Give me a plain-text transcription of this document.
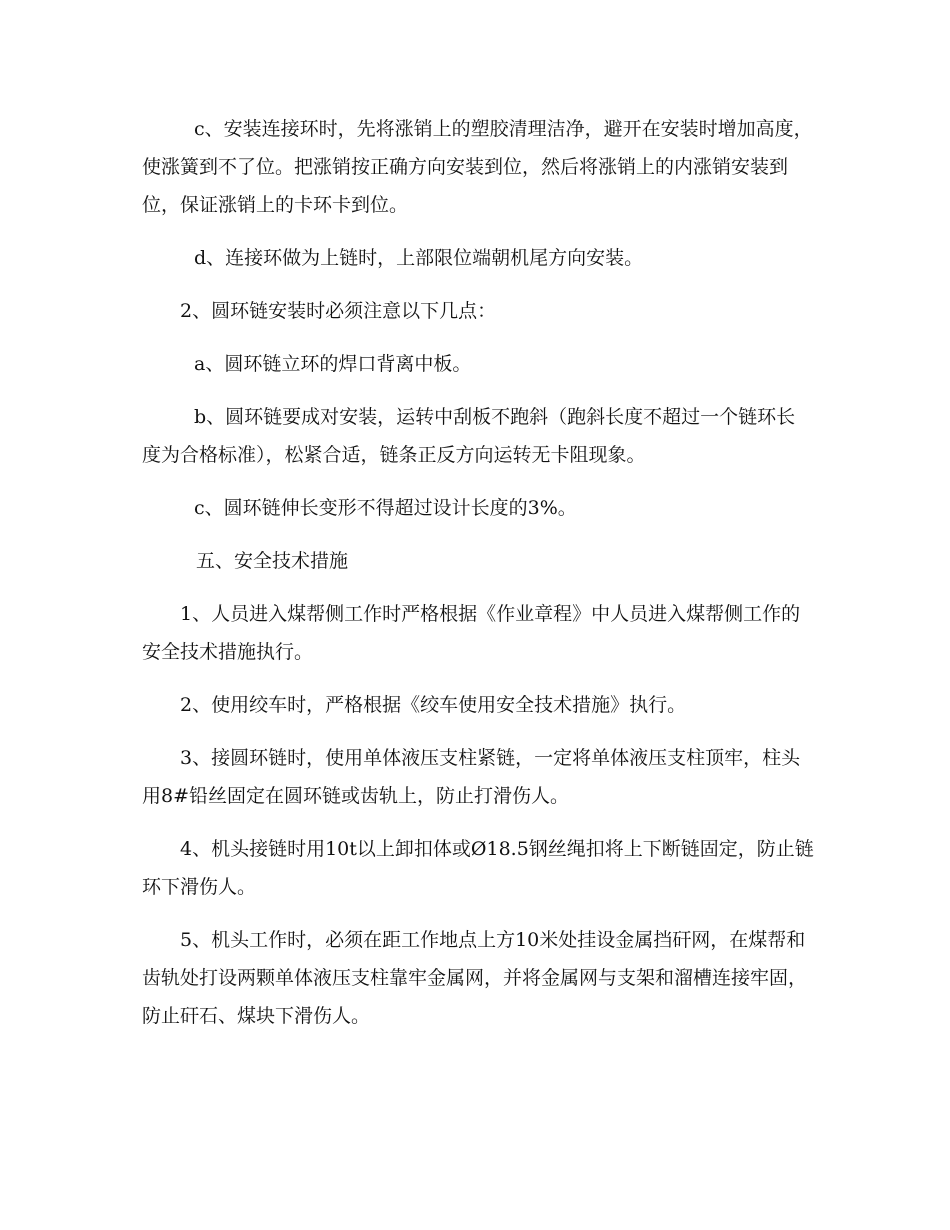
c、安装连接环时，先将涨销上的塑胶清理洁净，避开在安装时增加高度，使涨簧到不了位。把涨销按正确方向安装到位，然后将涨销上的内涨销安装到位，保证涨销上的卡环卡到位。

d、连接环做为上链时，上部限位端朝机尾方向安装。

2、圆环链安装时必须注意以下几点：

a、圆环链立环的焊口背离中板。

b、圆环链要成对安装，运转中刮板不跑斜（跑斜长度不超过一个链环长度为合格标准），松紧合适，链条正反方向运转无卡阻现象。

c、圆环链伸长变形不得超过设计长度的3%。

五、安全技术措施

1、人员进入煤帮侧工作时严格根据《作业章程》中人员进入煤帮侧工作的安全技术措施执行。

2、使用绞车时，严格根据《绞车使用安全技术措施》执行。

3、接圆环链时，使用单体液压支柱紧链，一定将单体液压支柱顶牢，柱头用8#铅丝固定在圆环链或齿轨上，防止打滑伤人。

4、机头接链时用10t以上卸扣体或Ø18.5钢丝绳扣将上下断链固定，防止链环下滑伤人。

5、机头工作时，必须在距工作地点上方10米处挂设金属挡矸网，在煤帮和齿轨处打设两颗单体液压支柱靠牢金属网，并将金属网与支架和溜槽连接牢固，防止矸石、煤块下滑伤人。
